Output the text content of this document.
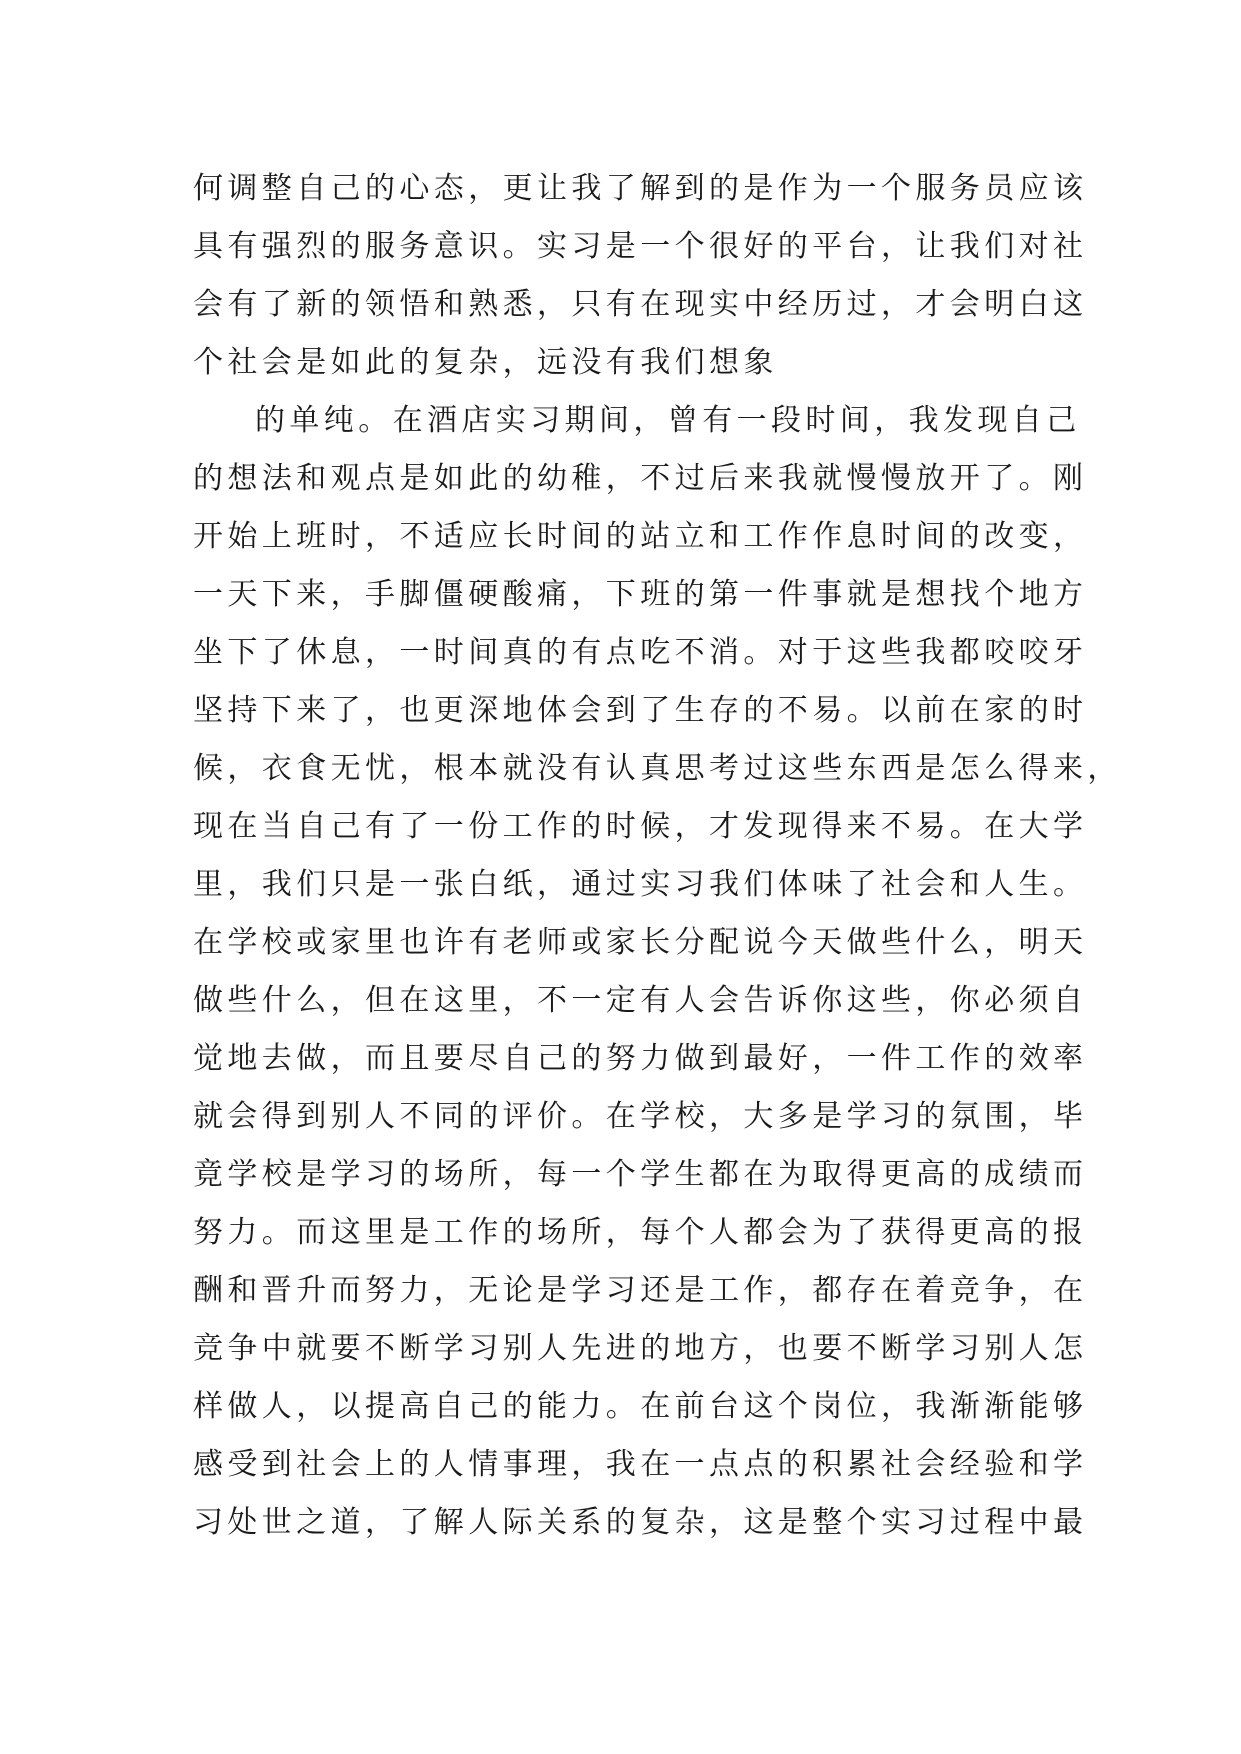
何调整自己的心态，更让我了解到的是作为一个服务员应该
具有强烈的服务意识。实习是一个很好的平台，让我们对社
会有了新的领悟和熟悉，只有在现实中经历过，才会明白这
个社会是如此的复杂，远没有我们想象
的单纯。在酒店实习期间，曾有一段时间，我发现自己
的想法和观点是如此的幼稚，不过后来我就慢慢放开了。刚
开始上班时，不适应长时间的站立和工作作息时间的改变，
一天下来，手脚僵硬酸痛，下班的第一件事就是想找个地方
坐下了休息，一时间真的有点吃不消。对于这些我都咬咬牙
坚持下来了，也更深地体会到了生存的不易。以前在家的时
候，衣食无忧，根本就没有认真思考过这些东西是怎么得来，
现在当自己有了一份工作的时候，才发现得来不易。在大学
里，我们只是一张白纸，通过实习我们体味了社会和人生。
在学校或家里也许有老师或家长分配说今天做些什么，明天
做些什么，但在这里，不一定有人会告诉你这些，你必须自
觉地去做，而且要尽自己的努力做到最好，一件工作的效率
就会得到别人不同的评价。在学校，大多是学习的氛围，毕
竟学校是学习的场所，每一个学生都在为取得更高的成绩而
努力。而这里是工作的场所，每个人都会为了获得更高的报
酬和晋升而努力，无论是学习还是工作，都存在着竞争，在
竞争中就要不断学习别人先进的地方，也要不断学习别人怎
样做人，以提高自己的能力。在前台这个岗位，我渐渐能够
感受到社会上的人情事理，我在一点点的积累社会经验和学
习处世之道，了解人际关系的复杂，这是整个实习过程中最
